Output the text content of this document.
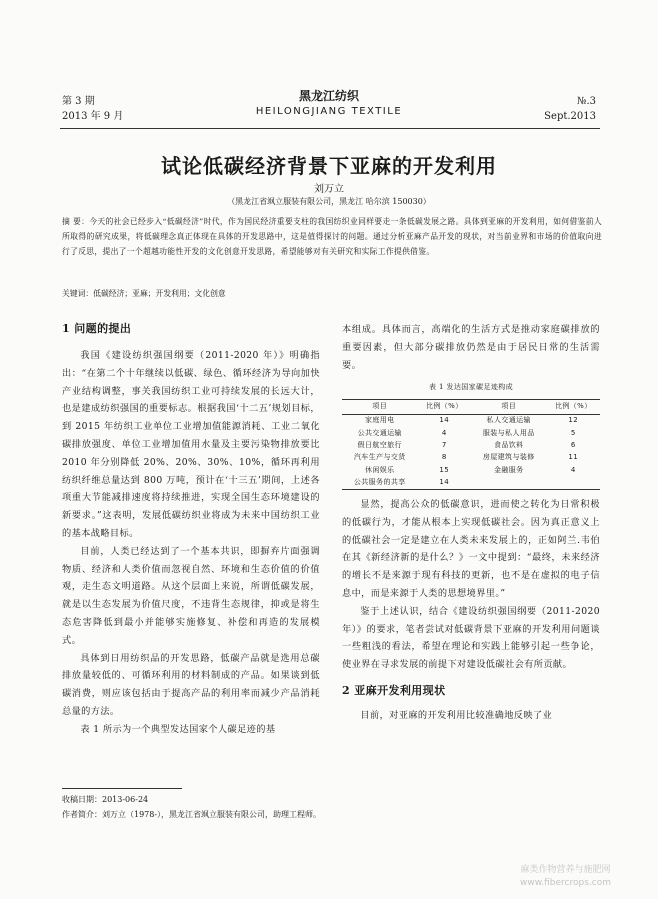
第 3 期
2013 年 9 月
黑龙江纺织
HEILONGJIANG TEXTILE
№.3
Sept.2013
试论低碳经济背景下亚麻的开发利用
刘万立
（黑龙江省飒立服装有限公司，黑龙江 哈尔滨 150030）
摘 要：今天的社会已经步入“低碳经济”时代，作为国民经济重要支柱的我国纺织业同样要走一条低碳发展之路。具体到亚麻的开发利用，如何借鉴前人所取得的研究成果，将低碳理念真正体现在具体的开发思路中，这是值得探讨的问题。通过分析亚麻产品开发的现状，对当前业界和市场的价值取向进行了反思，提出了一个超越功能性开发的文化创意开发思路，希望能够对有关研究和实际工作提供借鉴。
关键词：低碳经济；亚麻；开发利用；文化创意
1 问题的提出

我国《建设纺织强国纲要（2011-2020 年）》明确指出：“在第二个十年继续以低碳、绿色、循环经济为导向加快产业结构调整，事关我国纺织工业可持续发展的长远大计，也是建成纺织强国的重要标志。根据我国‘十二五’规划目标，到 2015 年纺织工业单位工业增加值能源消耗、工业二氧化碳排放强度、单位工业增加值用水量及主要污染物排放要比 2010 年分别降低 20%、20%、30%、10%，循环再利用纺织纤维总量达到 800 万吨，预计在‘十三五’期间，上述各项重大节能减排速度将持续推进，实现全国生态环境建设的新要求。”这表明，发展低碳纺织业将成为未来中国纺织工业的基本战略目标。

目前，人类已经达到了一个基本共识，即摒弃片面强调物质、经济和人类价值而忽视自然、环境和生态价值的价值观，走生态文明道路。从这个层面上来说，所谓低碳发展，就是以生态发展为价值尺度，不违背生态规律，抑或是将生态危害降低到最小并能够实施修复、补偿和再造的发展模式。

具体到日用纺织品的开发思路，低碳产品就是选用总碳排放量较低的、可循环利用的材料制成的产品。如果谈到低碳消费，则应该包括由于提高产品的利用率而减少产品消耗总量的方法。

表 1 所示为一个典型发达国家个人碳足迹的基

本组成。具体而言，高端化的生活方式是推动家庭碳排放的重要因素，但大部分碳排放仍然是由于居民日常的生活需要。

表 1 发达国家碳足迹构成
项目	比例（%）	项目	比例（%）
家庭用电	14	私人交通运输	12
公共交通运输	4	服装与私人用品	5
假日航空旅行	7	食品饮料	6
汽车生产与交货	8	房屋建筑与装修	11
休闲娱乐	15	金融服务	4
公共服务的共享	14		

显然，提高公众的低碳意识，进而使之转化为日常积极的低碳行为，才能从根本上实现低碳社会。因为真正意义上的低碳社会一定是建立在人类未来发展上的，正如阿兰.韦伯在其《新经济新的是什么？》一文中提到：“最终，未来经济的增长不是来源于现有科技的更新，也不是在虚拟的电子信息中，而是来源于人类的思想境界里。”

鉴于上述认识，结合《建设纺织强国纲要（2011-2020 年）》的要求，笔者尝试对低碳背景下亚麻的开发利用问题谈一些粗浅的看法，希望在理论和实践上能够引起一些争论，使业界在寻求发展的前提下对建设低碳社会有所贡献。

2 亚麻开发利用现状

目前，对亚麻的开发利用比较准确地反映了业

收稿日期：2013-06-24
作者简介：刘万立（1978-），黑龙江省飒立服装有限公司，助理工程师。
麻类作物营养与施肥网
www.fibercrops.com
